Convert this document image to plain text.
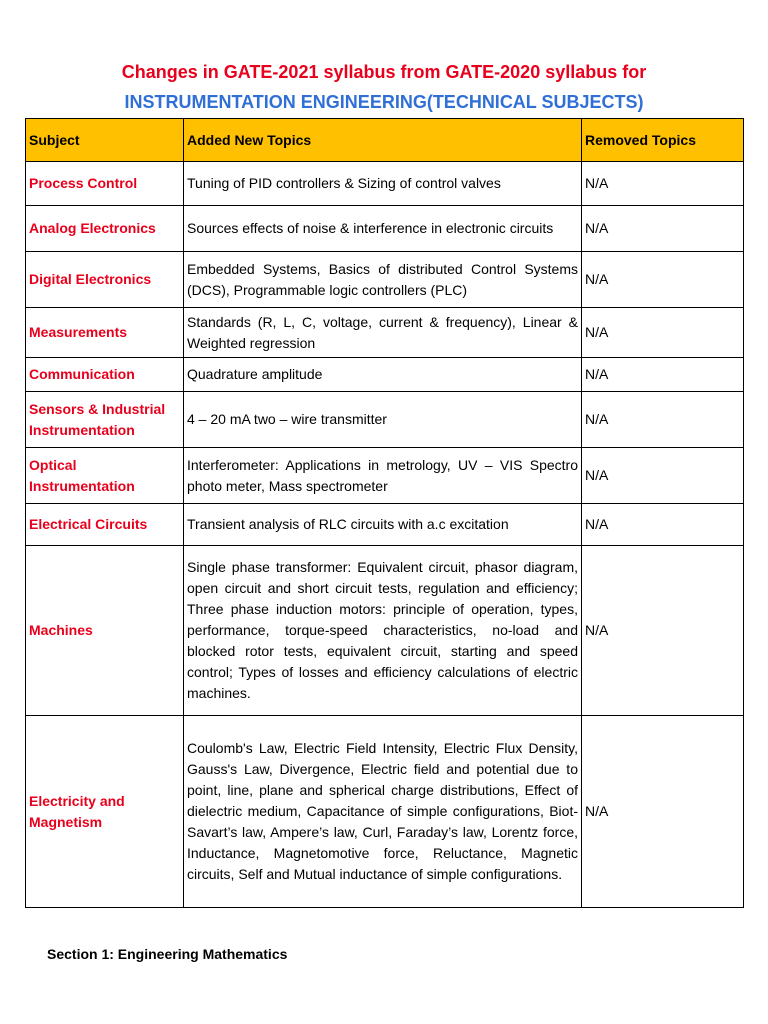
Changes in GATE-2021 syllabus from GATE-2020 syllabus for
INSTRUMENTATION ENGINEERING(TECHNICAL SUBJECTS)
Subject	Added New Topics	Removed Topics
Process Control	Tuning of PID controllers & Sizing of control valves	N/A
Analog Electronics	Sources effects of noise & interference in electronic circuits	N/A
Digital Electronics	Embedded Systems, Basics of distributed Control Systems (DCS), Programmable logic controllers (PLC)	N/A
Measurements	Standards (R, L, C, voltage, current & frequency), Linear & Weighted regression	N/A
Communication	Quadrature amplitude	N/A
Sensors & Industrial Instrumentation	4 – 20 mA two – wire transmitter	N/A
Optical Instrumentation	Interferometer: Applications in metrology, UV – VIS Spectro photo meter, Mass spectrometer	N/A
Electrical Circuits	Transient analysis of RLC circuits with a.c excitation	N/A
Machines	Single phase transformer: Equivalent circuit, phasor diagram, open circuit and short circuit tests, regulation and efficiency; Three phase induction motors: principle of operation, types, performance, torque-speed characteristics, no-load and blocked rotor tests, equivalent circuit, starting and speed control; Types of losses and efficiency calculations of electric machines.	N/A
Electricity and Magnetism	Coulomb's Law, Electric Field Intensity, Electric Flux Density, Gauss's Law, Divergence, Electric field and potential due to point, line, plane and spherical charge distributions, Effect of dielectric medium, Capacitance of simple configurations, Biot-Savart’s law, Ampere’s law, Curl, Faraday’s law, Lorentz force, Inductance, Magnetomotive force, Reluctance, Magnetic circuits, Self and Mutual inductance of simple configurations.	N/A
Section 1: Engineering Mathematics
